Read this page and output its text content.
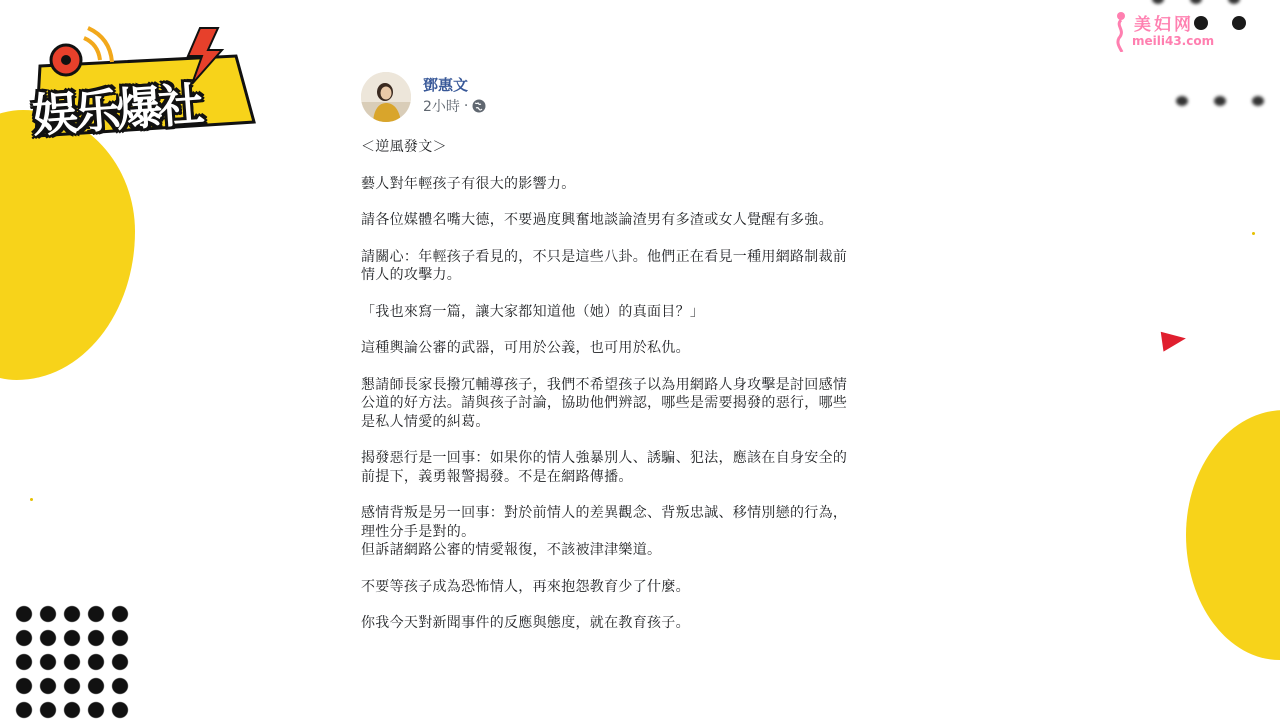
娱乐爆社
美妇网
meili43.com
鄧惠文
2小時 ·

＜逆風發文＞

藝人對年輕孩子有很大的影響力。

請各位媒體名嘴大德，不要過度興奮地談論渣男有多渣或女人覺醒有多強。

請關心：年輕孩子看見的，不只是這些八卦。他們正在看見一種用網路制裁前
情人的攻擊力。

「我也來寫一篇，讓大家都知道他（她）的真面目？」

這種輿論公審的武器，可用於公義，也可用於私仇。

懇請師長家長撥冗輔導孩子，我們不希望孩子以為用網路人身攻擊是討回感情
公道的好方法。請與孩子討論，協助他們辨認，哪些是需要揭發的惡行，哪些
是私人情愛的糾葛。

揭發惡行是一回事：如果你的情人強暴別人、誘騙、犯法，應該在自身安全的
前提下，義勇報警揭發。不是在網路傳播。

感情背叛是另一回事：對於前情人的差異觀念、背叛忠誠、移情別戀的行為，
理性分手是對的。
但訴諸網路公審的情愛報復，不該被津津樂道。

不要等孩子成為恐怖情人，再來抱怨教育少了什麼。

你我今天對新聞事件的反應與態度，就在教育孩子。
